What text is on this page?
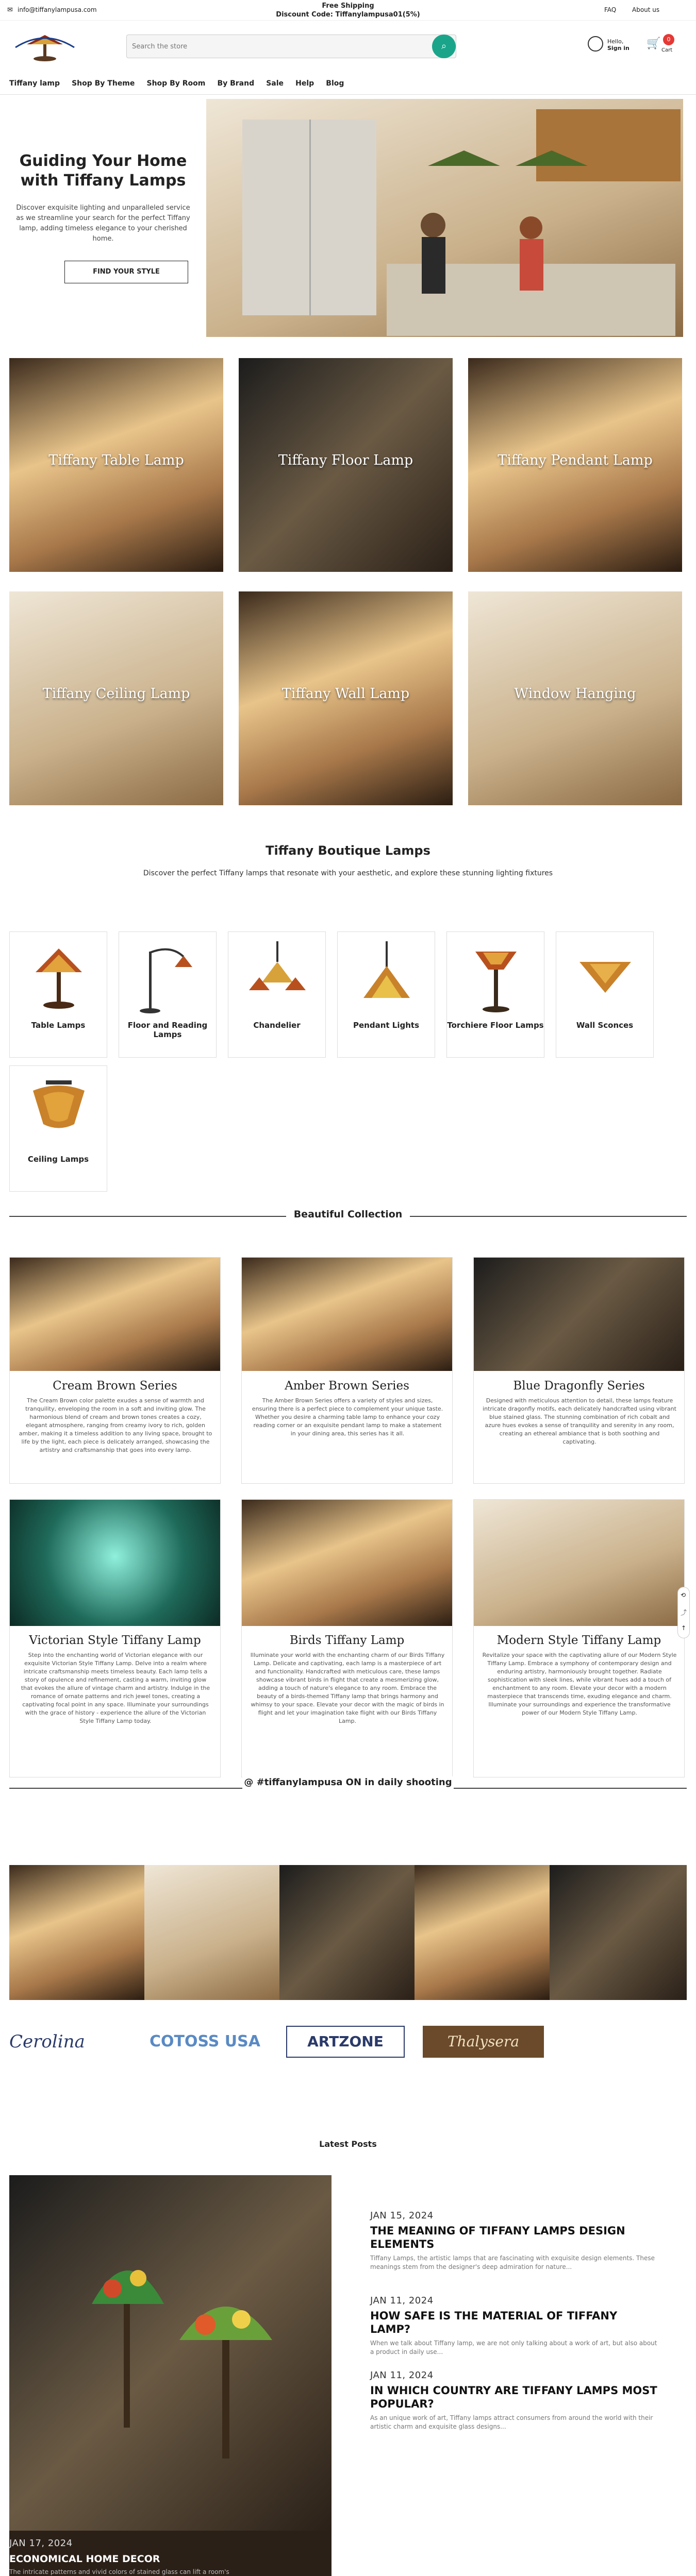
✉ info@tiffanylampusa.com	Free Shipping
Discount Code: Tiffanylampusa01(5%)
FAQ	About us
Search the store
⌕	Hello,
Sign in 🛒	0
Cart
Tiffany lamp Shop By Theme Shop By Room By Brand Sale Help Blog
Guiding Your Home with Tiffany Lamps
Discover exquisite lighting and unparalleled service as we streamline your search for the perfect Tiffany lamp, adding timeless elegance to your cherished home.
FIND YOUR STYLE
Tiffany Table Lamp	Tiffany Floor Lamp	Tiffany Pendant Lamp
Tiffany Ceiling Lamp	Tiffany Wall Lamp	Window Hanging
Tiffany Boutique Lamps
Discover the perfect Tiffany lamps that resonate with your aesthetic, and explore these stunning lighting fixtures
Table Lamps	Floor and Reading Lamps
Chandelier	Pendant Lights	Torchiere Floor Lamps	Wall Sconces
Ceiling Lamps
Beautiful Collection
Cream Brown Series
The Cream Brown color palette exudes a sense of warmth and tranquility, enveloping the room in a soft and inviting glow. The harmonious blend of cream and brown tones creates a cozy, elegant atmosphere, ranging from creamy ivory to rich, golden amber, making it a timeless addition to any living space, brought to life by the light, each piece is delicately arranged, showcasing the artistry and craftsmanship that goes into every lamp.
Amber Brown Series
The Amber Brown Series offers a variety of styles and sizes, ensuring there is a perfect piece to complement your unique taste. Whether you desire a charming table lamp to enhance your cozy reading corner or an exquisite pendant lamp to make a statement in your dining area, this series has it all.
Blue Dragonfly Series
Designed with meticulous attention to detail, these lamps feature intricate dragonfly motifs, each delicately handcrafted using vibrant blue stained glass. The stunning combination of rich cobalt and azure hues evokes a sense of tranquility and serenity in any room, creating an ethereal ambiance that is both soothing and captivating.
Victorian Style Tiffany Lamp
Step into the enchanting world of Victorian elegance with our exquisite Victorian Style Tiffany Lamp. Delve into a realm where intricate craftsmanship meets timeless beauty. Each lamp tells a story of opulence and refinement, casting a warm, inviting glow that evokes the allure of vintage charm and artistry. Indulge in the romance of ornate patterns and rich jewel tones, creating a captivating focal point in any space. Illuminate your surroundings with the grace of history - experience the allure of the Victorian Style Tiffany Lamp today.
Birds Tiffany Lamp
Illuminate your world with the enchanting charm of our Birds Tiffany Lamp. Delicate and captivating, each lamp is a masterpiece of art and functionality. Handcrafted with meticulous care, these lamps showcase vibrant birds in flight that create a mesmerizing glow, adding a touch of nature's elegance to any room. Embrace the beauty of a birds-themed Tiffany lamp that brings harmony and whimsy to your space. Elevate your decor with the magic of birds in flight and let your imagination take flight with our Birds Tiffany Lamp.
Modern Style Tiffany Lamp
Revitalize your space with the captivating allure of our Modern Style Tiffany Lamp. Embrace a symphony of contemporary design and enduring artistry, harmoniously brought together. Radiate sophistication with sleek lines, while vibrant hues add a touch of enchantment to any room. Elevate your decor with a modern masterpiece that transcends time, exuding elegance and charm. Illuminate your surroundings and experience the transformative power of our Modern Style Tiffany Lamp.
⟲
⤴
↑
@ #tiffanylampusa ON in daily shooting
Cerolina	COTOSS USA	ARTZONE	Thalysera
Latest Posts
JAN 17, 2024
ECONOMICAL HOME DECOR
The intricate patterns and vivid colors of stained glass can lift a room's
JAN 15, 2024
THE MEANING OF TIFFANY LAMPS DESIGN ELEMENTS
Tiffany Lamps, the artistic lamps that are fascinating with exquisite design elements. These meanings stem from the designer's deep admiration for nature...
JAN 11, 2024
HOW SAFE IS THE MATERIAL OF TIFFANY LAMP?
When we talk about Tiffany lamp, we are not only talking about a work of art, but also about a product in daily use...
JAN 11, 2024
IN WHICH COUNTRY ARE TIFFANY LAMPS MOST POPULAR?
As an unique work of art, Tiffany lamps attract consumers from around the world with their artistic charm and exquisite glass designs...
